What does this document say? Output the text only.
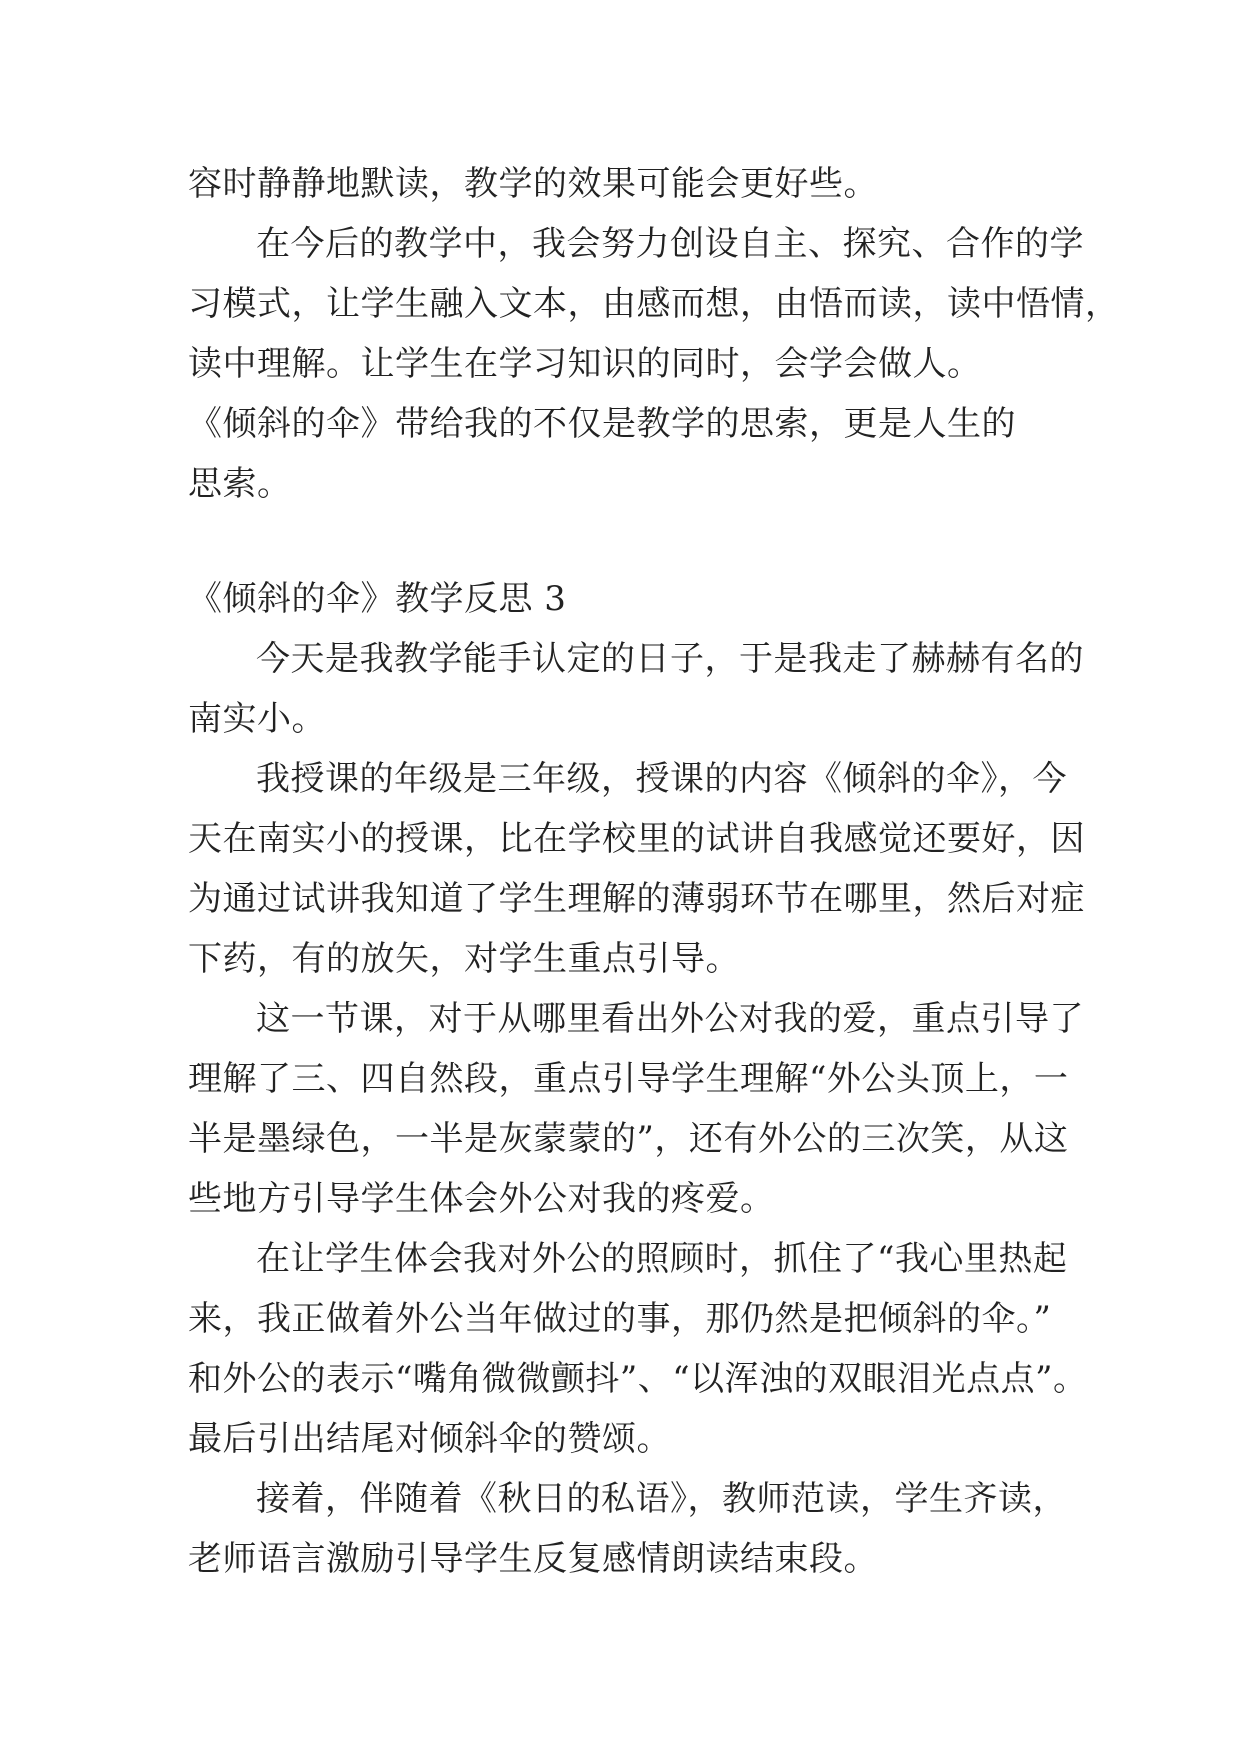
容时静静地默读，教学的效果可能会更好些。
在今后的教学中，我会努力创设自主、探究、合作的学
习模式，让学生融入文本，由感而想，由悟而读，读中悟情，
读中理解。让学生在学习知识的同时，会学会做人。
《倾斜的伞》带给我的不仅是教学的思索，更是人生的
思索。
《倾斜的伞》教学反思 3
今天是我教学能手认定的日子，于是我走了赫赫有名的
南实小。
我授课的年级是三年级，授课的内容《倾斜的伞》，今
天在南实小的授课，比在学校里的试讲自我感觉还要好，因
为通过试讲我知道了学生理解的薄弱环节在哪里，然后对症
下药，有的放矢，对学生重点引导。
这一节课，对于从哪里看出外公对我的爱，重点引导了
理解了三、四自然段，重点引导学生理解“外公头顶上，一
半是墨绿色，一半是灰蒙蒙的”，还有外公的三次笑，从这
些地方引导学生体会外公对我的疼爱。
在让学生体会我对外公的照顾时，抓住了“我心里热起
来，我正做着外公当年做过的事，那仍然是把倾斜的伞。”
和外公的表示“嘴角微微颤抖”、“以浑浊的双眼泪光点点”。
最后引出结尾对倾斜伞的赞颂。
接着，伴随着《秋日的私语》，教师范读，学生齐读，
老师语言激励引导学生反复感情朗读结束段。
